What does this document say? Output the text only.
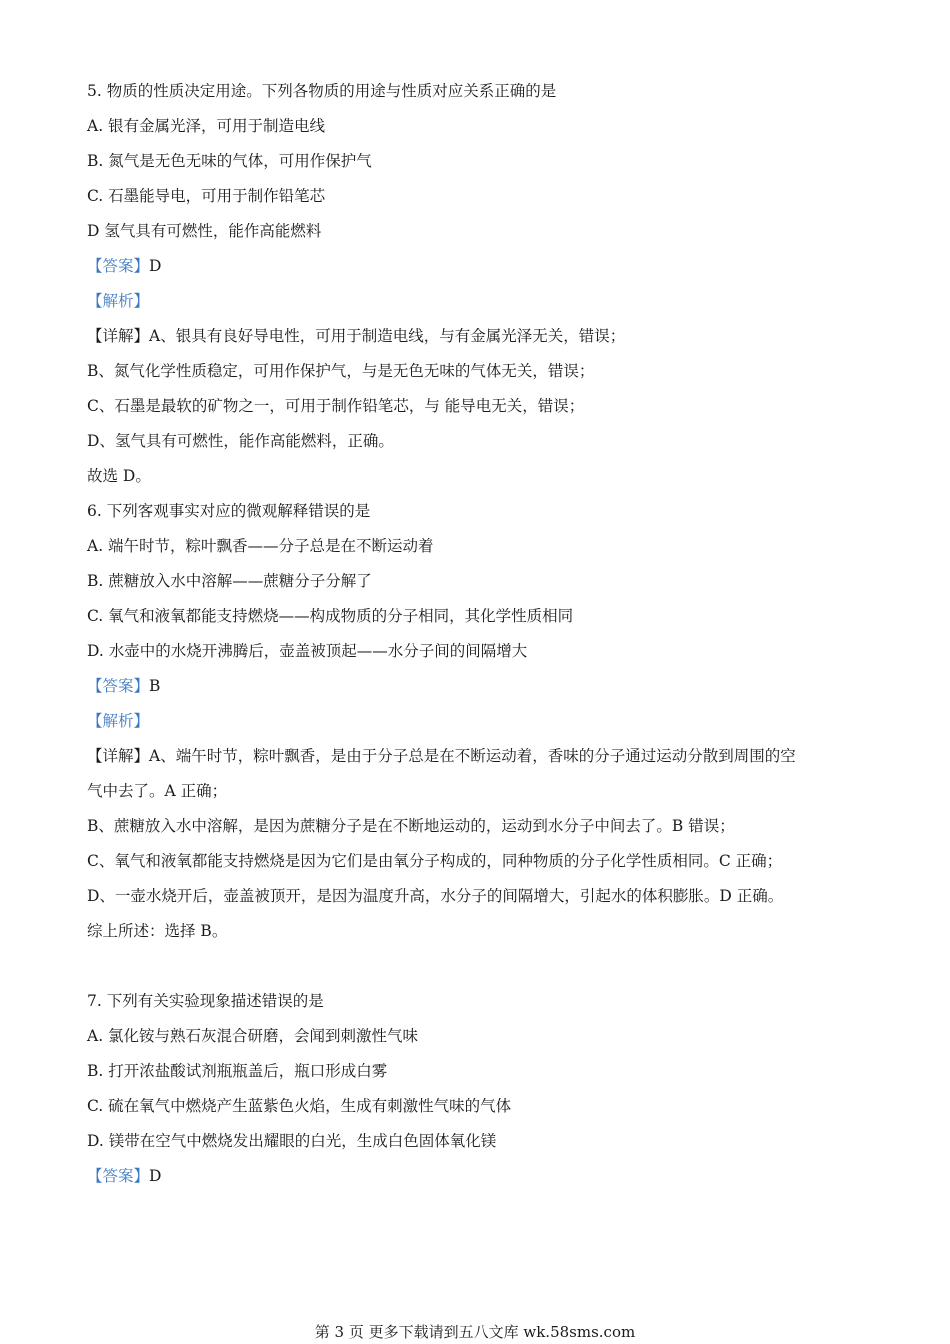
5. 物质的性质决定用途。下列各物质的用途与性质对应关系正确的是
A. 银有金属光泽，可用于制造电线
B. 氮气是无色无味的气体，可用作保护气
C. 石墨能导电，可用于制作铅笔芯
D 氢气具有可燃性，能作高能燃料
【答案】D
【解析】
【详解】A、银具有良好导电性，可用于制造电线，与有金属光泽无关，错误；
B、氮气化学性质稳定，可用作保护气，与是无色无味的气体无关，错误；
C、石墨是最软的矿物之一，可用于制作铅笔芯，与 能导电无关，错误；
D、氢气具有可燃性，能作高能燃料，正确。
故选 D。
6. 下列客观事实对应的微观解释错误的是
A. 端午时节，粽叶飘香——分子总是在不断运动着
B. 蔗糖放入水中溶解——蔗糖分子分解了
C. 氧气和液氧都能支持燃烧——构成物质的分子相同，其化学性质相同
D. 水壶中的水烧开沸腾后，壶盖被顶起——水分子间的间隔增大
【答案】B
【解析】
【详解】A、端午时节，粽叶飘香，是由于分子总是在不断运动着，香味的分子通过运动分散到周围的空
气中去了。A 正确；
B、蔗糖放入水中溶解，是因为蔗糖分子是在不断地运动的，运动到水分子中间去了。B 错误；
C、氧气和液氧都能支持燃烧是因为它们是由氧分子构成的，同种物质的分子化学性质相同。C 正确；
D、一壶水烧开后，壶盖被顶开，是因为温度升高，水分子的间隔增大，引起水的体积膨胀。D 正确。
综上所述：选择 B。
7. 下列有关实验现象描述错误的是
A. 氯化铵与熟石灰混合研磨，会闻到刺激性气味
B. 打开浓盐酸试剂瓶瓶盖后，瓶口形成白雾
C. 硫在氧气中燃烧产生蓝紫色火焰，生成有刺激性气味的气体
D. 镁带在空气中燃烧发出耀眼的白光，生成白色固体氧化镁
【答案】D
第 3 页 更多下载请到五八文库 wk.58sms.com
